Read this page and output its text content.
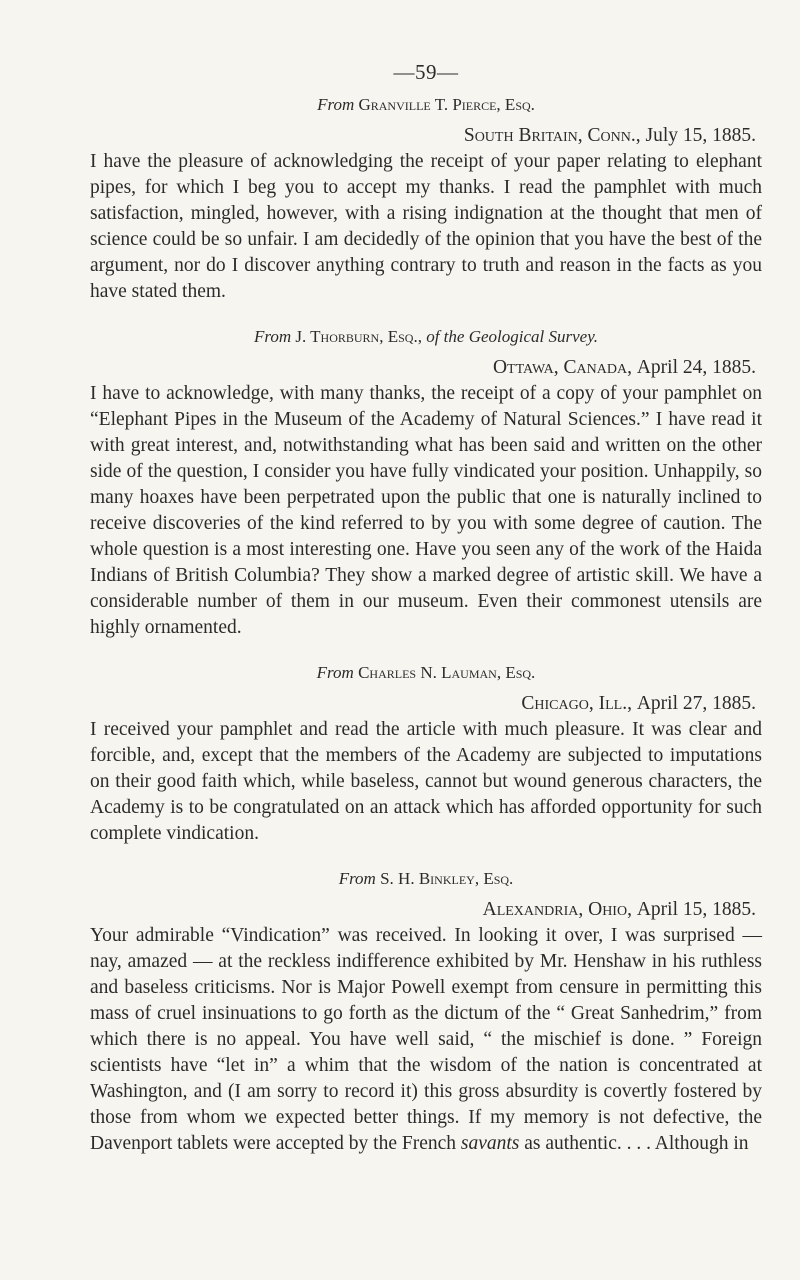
—59—
From Granville T. Pierce, Esq.
South Britain, Conn., July 15, 1885.

I have the pleasure of acknowledging the receipt of your paper relating to elephant pipes, for which I beg you to accept my thanks. I read the pamphlet with much satisfaction, mingled, however, with a rising indignation at the thought that men of science could be so unfair. I am decidedly of the opinion that you have the best of the argument, nor do I discover anything contrary to truth and reason in the facts as you have stated them.

From J. Thorburn, Esq., of the Geological Survey.
Ottawa, Canada, April 24, 1885.

I have to acknowledge, with many thanks, the receipt of a copy of your pamphlet on “Elephant Pipes in the Museum of the Academy of Natural Sciences.” I have read it with great interest, and, notwithstanding what has been said and written on the other side of the question, I consider you have fully vindicated your position. Unhappily, so many hoaxes have been perpetrated upon the public that one is naturally inclined to receive discoveries of the kind referred to by you with some degree of caution. The whole question is a most interesting one. Have you seen any of the work of the Haida Indians of British Columbia? They show a marked degree of artistic skill. We have a considerable number of them in our museum. Even their commonest utensils are highly ornamented.

From Charles N. Lauman, Esq.
Chicago, Ill., April 27, 1885.

I received your pamphlet and read the article with much pleasure. It was clear and forcible, and, except that the members of the Academy are subjected to imputations on their good faith which, while baseless, cannot but wound generous characters, the Academy is to be congratulated on an attack which has afforded opportunity for such complete vindication.

From S. H. Binkley, Esq.
Alexandria, Ohio, April 15, 1885.

Your admirable “Vindication” was received. In looking it over, I was surprised — nay, amazed — at the reckless indifference exhibited by Mr. Henshaw in his ruthless and baseless criticisms. Nor is Major Powell exempt from censure in permitting this mass of cruel insinuations to go forth as the dictum of the “ Great Sanhedrim,” from which there is no appeal. You have well said, “ the mischief is done. ” Foreign scientists have “let in” a whim that the wisdom of the nation is concentrated at Washington, and (I am sorry to record it) this gross absurdity is covertly fostered by those from whom we expected better things. If my memory is not defective, the Davenport tablets were accepted by the French savants as authentic. . . . Although in
